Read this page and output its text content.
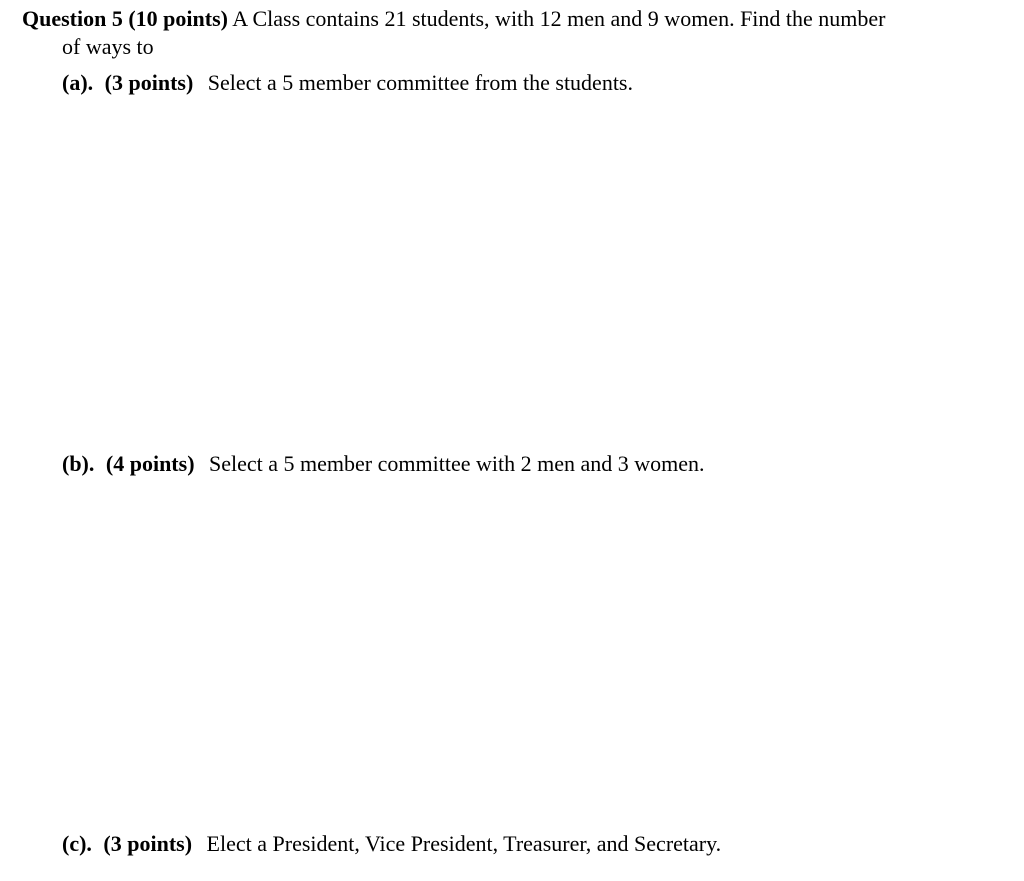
Question 5 (10 points) A Class contains 21 students, with 12 men and 9 women. Find the number
of ways to
(a). (3 points) Select a 5 member committee from the students.
(b). (4 points) Select a 5 member committee with 2 men and 3 women.
(c). (3 points) Elect a President, Vice President, Treasurer, and Secretary.
